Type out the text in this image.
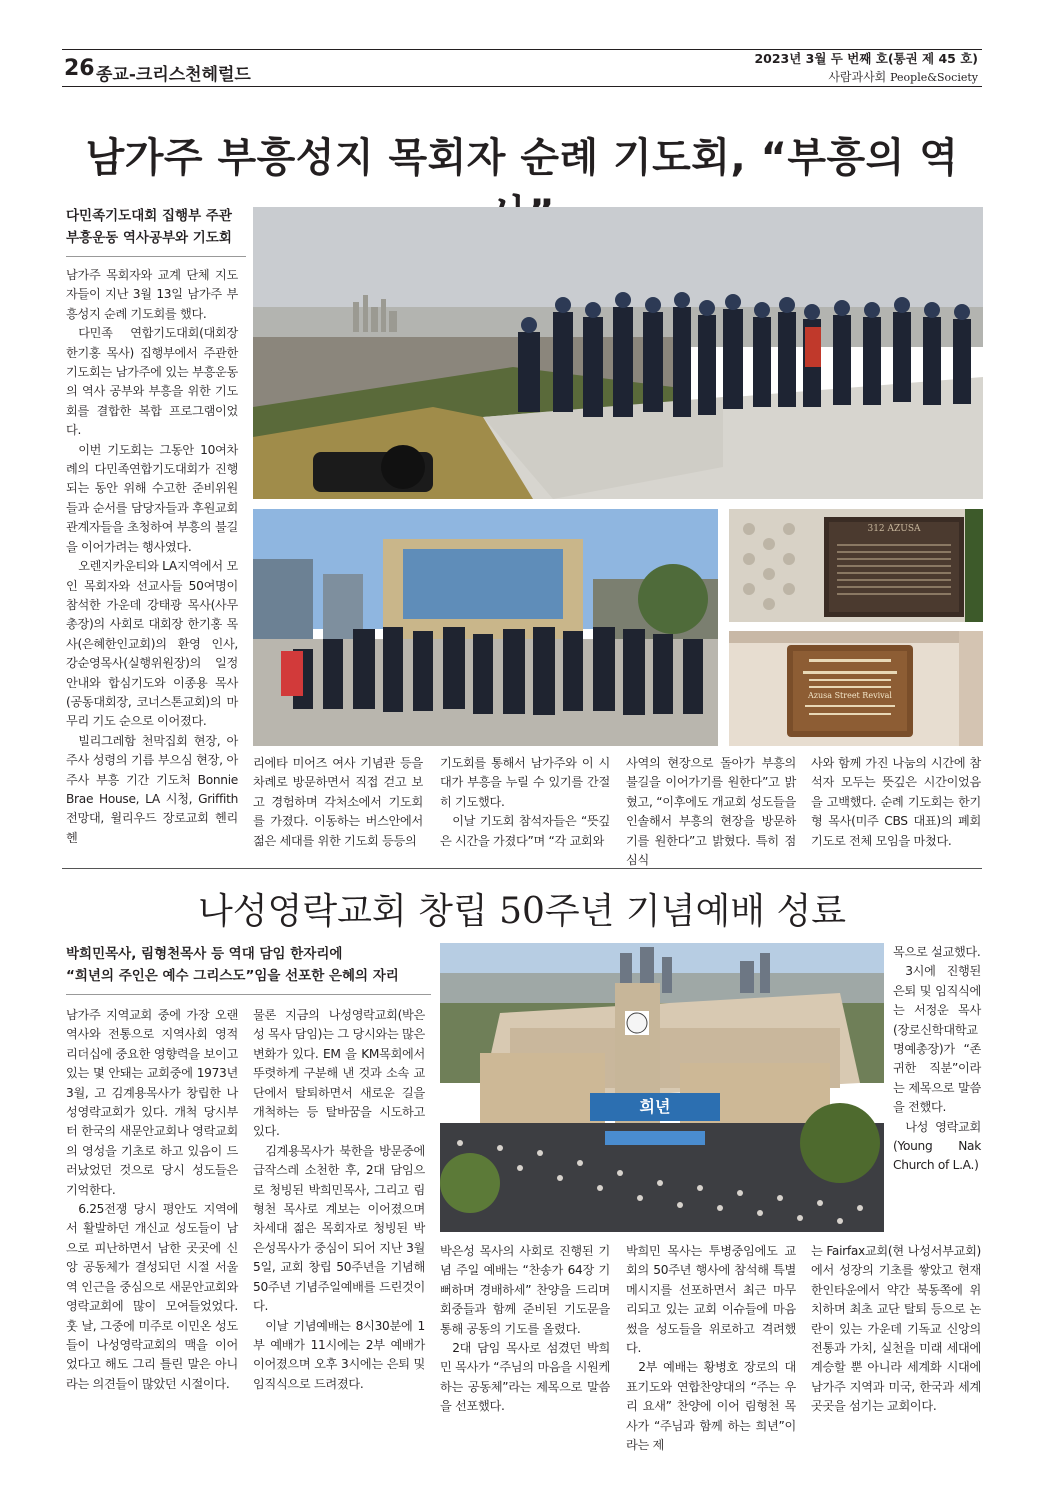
26 종교-크리스천헤럴드
2023년 3월 두 번째 호(통권 제 45 호)
사람과사회 People&Society
남가주 부흥성지 목회자 순례 기도회, “부흥의 역
다민족기도대회 집행부 주관
부흥운동 역사공부와 기도회

남가주 목회자와 교계 단체 지도자들이 지난 3월 13일 남가주 부흥성지 순례 기도회를 했다.

다민족 연합기도대회(대회장 한기홍 목사) 집행부에서 주관한 기도회는 남가주에 있는 부흥운동의 역사 공부와 부흥을 위한 기도회를 결합한 복합 프로그램이었다.

이번 기도회는 그동안 10여차례의 다민족연합기도대회가 진행되는 동안 위해 수고한 준비위원들과 순서를 담당자들과 후원교회 관계자들을 초청하여 부흥의 불길을 이어가려는 행사였다.

오렌지카운티와 LA지역에서 모인 목회자와 선교사들 50여명이 참석한 가운데 강태광 목사(사무총장)의 사회로 대회장 한기홍 목사(은혜한인교회)의 환영 인사, 강순영목사(실행위원장)의 일정 안내와 합심기도와 이종용 목사(공동대회장, 코너스톤교회)의 마무리 기도 순으로 이어졌다.

빌리그레함 천막집회 현장, 아주사 성령의 기름 부으심 현장, 아주사 부흥 기간 기도처 Bonnie Brae House, LA 시청, Griffith 전망대, 윌리우드 장로교회 헨리 헨

312 AZUSA
Azusa Street Revival

리에타 미어즈 여사 기념관 등을 차례로 방문하면서 직접 걷고 보고 경험하며 각처소에서 기도회를 가졌다. 이동하는 버스안에서 젊은 세대를 위한 기도회 등등의

기도회를 통해서 남가주와 이 시대가 부흥을 누릴 수 있기를 간절히 기도했다.

이날 기도회 참석자들은 “뜻깊은 시간을 가졌다”며 “각 교회와

사역의 현장으로 돌아가 부흥의 불길을 이어가기를 원한다”고 밝혔고, “이후에도 개교회 성도들을 인솔해서 부흥의 현장을 방문하기를 원한다”고 밝혔다. 특히 점심식

사와 함께 가진 나눔의 시간에 참석자 모두는 뜻깊은 시간이었음을 고백했다. 순례 기도회는 한기형 목사(미주 CBS 대표)의 폐회 기도로 전체 모임을 마쳤다.

나성영락교회 창립 50주년 기념예배 성료
박희민목사, 림형천목사 등 역대 담임 한자리에
“희년의 주인은 예수 그리스도”임을 선포한 은혜의 자리

남가주 지역교회 중에 가장 오랜 역사와 전통으로 지역사회 영적 리더십에 중요한 영향력을 보이고 있는 몇 안돼는 교회중에 1973년 3월, 고 김계용목사가 창립한 나성영락교회가 있다. 개척 당시부터 한국의 새문안교회나 영락교회의 영성을 기초로 하고 있음이 드러났었던 것으로 당시 성도들은 기억한다.

6.25전쟁 당시 평안도 지역에서 활발하던 개신교 성도들이 남으로 피난하면서 남한 곳곳에 신앙 공동체가 결성되던 시절 서울역 인근을 중심으로 새문안교회와 영락교회에 많이 모여들었었다. 훗 날, 그중에 미주로 이민온 성도들이 나성영락교회의 맥을 이어 었다고 해도 그리 틀린 말은 아니라는 의견들이 많았던 시절이다.

물론 지금의 나성영락교회(박은성 목사 담임)는 그 당시와는 많은 변화가 있다. EM 을 KM목회에서 뚜렷하게 구분해 낸 것과 소속 교단에서 탈퇴하면서 새로운 길을 개척하는 등 탈바꿈을 시도하고 있다.

김계용목사가 북한을 방문중에 급작스레 소천한 후, 2대 담임으로 청빙된 박희민목사, 그리고 림형천 목사로 계보는 이어졌으며 차세대 젊은 목회자로 청빙된 박은성목사가 중심이 되어 지난 3월 5일, 교회 창립 50주년을 기념해 50주년 기념주일예배를 드린것이다.

이날 기념예배는 8시30분에 1부 예배가 11시에는 2부 예배가 이어졌으며 오후 3시에는 은퇴 및 임직식으로 드려졌다.

희년

목으로 설교했다.

3시에 진행된 은퇴 및 임직식에는 서정운 목사(장로신학대학교 명예총장)가 “존귀한 직분”이라는 제목으로 말씀을 전했다.

나성 영락교회(Young Nak Church of L.A.)

박은성 목사의 사회로 진행된 기념 주일 예배는 “찬송가 64장 기뻐하며 경배하세” 찬양을 드리며 회중들과 함께 준비된 기도문을 통해 공동의 기도를 올렸다.

2대 담임 목사로 섬겼던 박희민 목사가 “주님의 마음을 시원케하는 공동체”라는 제목으로 말씀을 선포했다.

박희민 목사는 투병중임에도 교회의 50주년 행사에 참석해 특별 메시지를 선포하면서 최근 마무리되고 있는 교회 이슈들에 마음 썼을 성도들을 위로하고 격려했다.

2부 예배는 황병호 장로의 대표기도와 연합찬양대의 “주는 우리 요새” 찬양에 이어 림형천 목사가 “주님과 함께 하는 희년”이라는 제

는 Fairfax교회(현 나성서부교회)에서 성장의 기초를 쌓았고 현재 한인타운에서 약간 북동쪽에 위치하며 최초 교단 탈퇴 등으로 논란이 있는 가운데 기독교 신앙의 전통과 가치, 실천을 미래 세대에 계승할 뿐 아니라 세계화 시대에 남가주 지역과 미국, 한국과 세계 곳곳을 섬기는 교회이다.
